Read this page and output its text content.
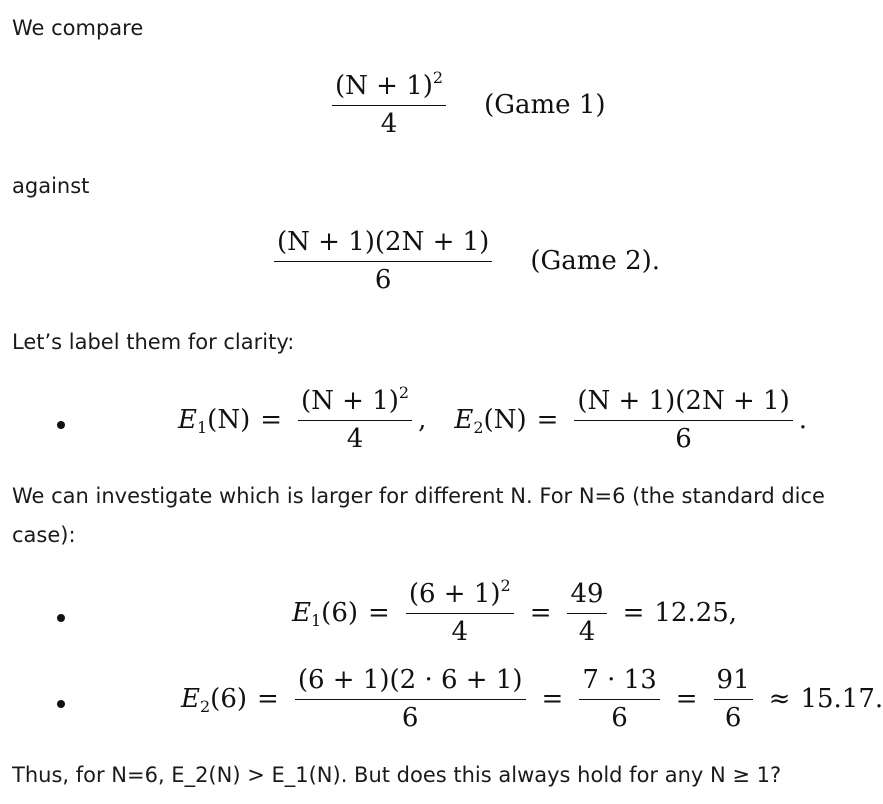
We compare
$\frac{(N + 1)^2}{4}$ (Game 1)
against
$\frac{(N + 1)(2N + 1)}{6}$ (Game 2).
Let’s label them for clarity:
$E_1(N) = \frac{(N + 1)^2}{4}$ , $E_2(N) = \frac{(N + 1)(2N + 1)}{6}$ .
We can investigate which is larger for different N. For N=6 (the standard dice case):
$E_1(6) = \frac{(6 + 1)^2}{4} = \frac{49}{4} = 12.25$,
$E_2(6) = \frac{(6 + 1)(2 \cdot 6 + 1)}{6} = \frac{7 \cdot 13}{6} = \frac{91}{6} \approx 15.17$.
Thus, for N=6, E_2(N) > E_1(N). But does this always hold for any N ≥ 1?
